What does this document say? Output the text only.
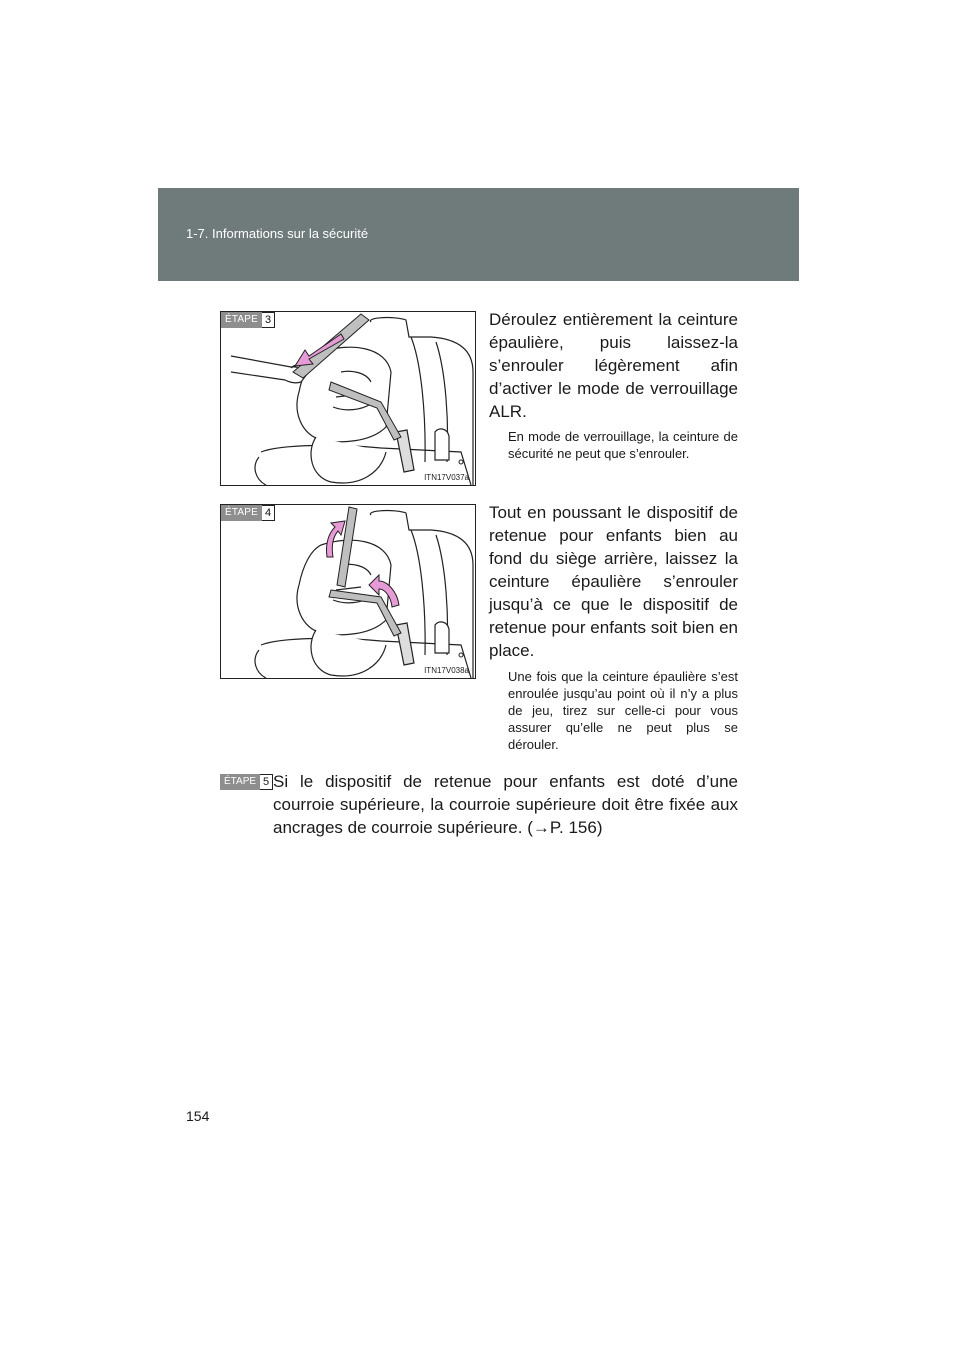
1-7. Informations sur la sécurité
ÉTAPE 3
ITN17V037a

Déroulez entièrement la ceinture épaulière, puis laissez-la s’enrouler légèrement afin d’activer le mode de verrouillage ALR.

En mode de verrouillage, la ceinture de sécurité ne peut que s’enrouler.

ÉTAPE 4
ITN17V038a

Tout en poussant le dispositif de retenue pour enfants bien au fond du siège arrière, laissez la ceinture épaulière s’enrouler jusqu’à ce que le dispositif de retenue pour enfants soit bien en place.

Une fois que la ceinture épaulière s’est enroulée jusqu’au point où il n’y a plus de jeu, tirez sur celle-ci pour vous assurer qu’elle ne peut plus se dérouler.

ÉTAPE 5 Si le dispositif de retenue pour enfants est doté d’une courroie supérieure, la courroie supérieure doit être fixée aux ancrages de courroie supérieure. (→P. 156)

154
